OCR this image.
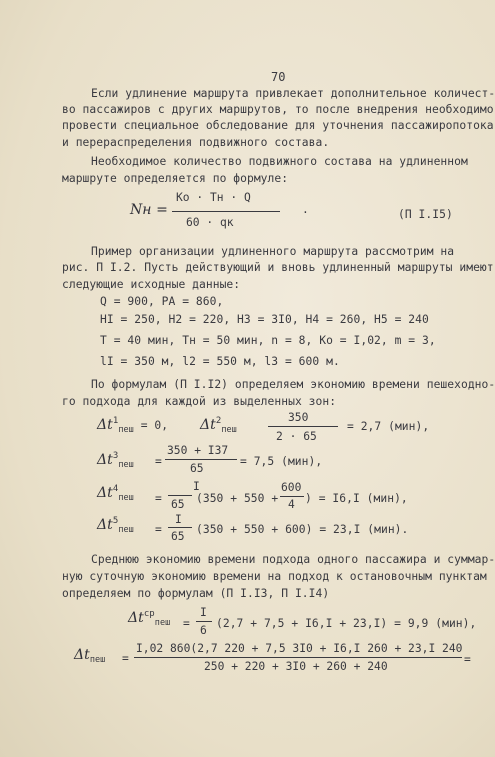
70
Если удлинение маршрута привлекает дополнительное количест-
во пассажиров с других маршрутов, то после внедрения необходимо
провести специальное обследование для уточнения пассажиропотока
и перераспределения подвижного состава.
Необходимое количество подвижного состава на удлиненном
маршруте определяется по формуле:
Nн =
Kо · Tн · Q
60 · qк
.	(П I.I5)
Пример организации удлиненного маршрута рассмотрим на
рис. П I.2. Пусть действующий и вновь удлиненный маршруты имеют
следующие исходные данные:
Q = 900, PA = 860,
HI = 250, H2 = 220, H3 = 3I0, H4 = 260, H5 = 240
T = 40 мин, Tн = 50 мин, n = 8, Kо = I,02, m = 3,
lI = 350 м, l2 = 550 м, l3 = 600 м.
По формулам (П I.I2) определяем экономию времени пешеходно-
го подхода для каждой из выделенных зон:
$\Delta t^1_{пеш} = 0$, $\Delta t^2_{пеш}$
350
2 · 65
= 2,7 (мин),
$\Delta t^3_{пеш}$ =
350 + I37
65
= 7,5 (мин),
$\Delta t^4_{пеш}$ =
I
65 (350 + 550 +
600
4 ) = I6,I (мин),
$\Delta t^5_{пеш}$ =
I
65
(350 + 550 + 600) = 23,I (мин).
Среднюю экономию времени подхода одного пассажира и суммар-
ную суточную экономию времени на подход к остановочным пунктам
определяем по формулам (П I.I3, П I.I4)
$\Delta t^{ср}_{пеш}$ =
I
6
(2,7 + 7,5 + I6,I + 23,I) = 9,9 (мин),
$\Delta t_{пеш}$ =
I,02 860(2,7 220 + 7,5 3I0 + I6,I 260 + 23,I 240
250 + 220 + 3I0 + 260 + 240
=
